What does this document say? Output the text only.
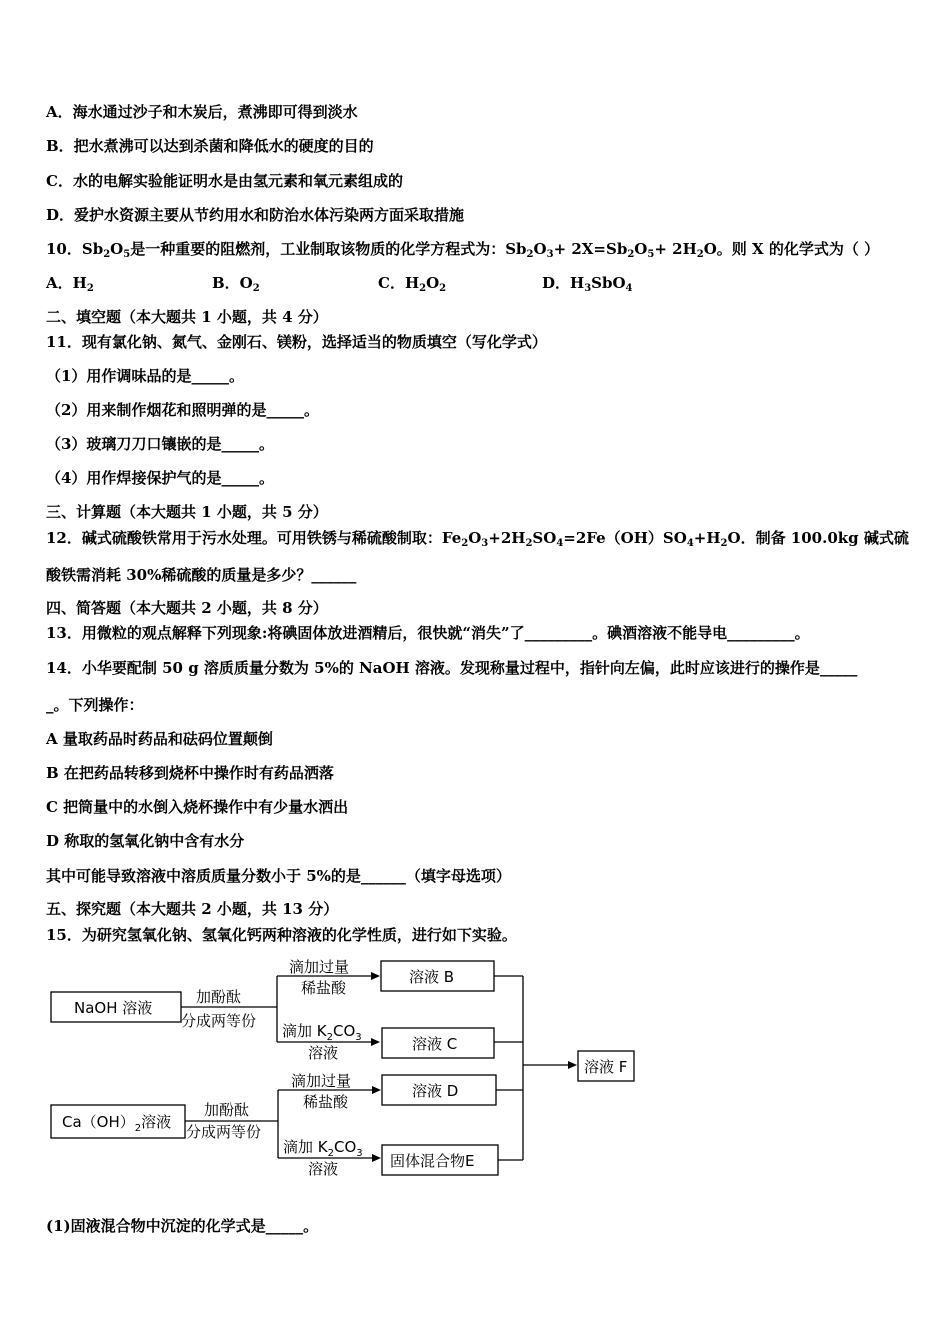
A．海水通过沙子和木炭后，煮沸即可得到淡水
B．把水煮沸可以达到杀菌和降低水的硬度的目的
C．水的电解实验能证明水是由氢元素和氧元素组成的
D．爱护水资源主要从节约用水和防治水体污染两方面采取措施
10．$Sb_2O_5$是一种重要的阻燃剂，工业制取该物质的化学方程式为：$Sb_2O_3+ 2X=Sb_2O_5+ 2H_2O$。则 X 的化学式为（ ）
A．$H_2$	B．$O_2$	C．$H_2O_2$	D．$H_3SbO_4$
二、填空题（本大题共 1 小题，共 4 分）
11．现有氯化钠、氮气、金刚石、镁粉，选择适当的物质填空（写化学式）
（1）用作调味品的是_____。
（2）用来制作烟花和照明弹的是_____。
（3）玻璃刀刀口镶嵌的是_____。
（4）用作焊接保护气的是_____。
三、计算题（本大题共 1 小题，共 5 分）
12．碱式硫酸铁常用于污水处理。可用铁锈与稀硫酸制取：$Fe_2O_3+2H_2SO_4=2Fe(OH)SO_4+H_2O$．制备 100.0kg 碱式硫
酸铁需消耗 30%稀硫酸的质量是多少？______
四、简答题（本大题共 2 小题，共 8 分）
13．用微粒的观点解释下列现象:将碘固体放进酒精后，很快就“消失”了_________。碘酒溶液不能导电_________。
14．小华要配制 50 g 溶质质量分数为 5%的 NaOH 溶液。发现称量过程中，指针向左偏，此时应该进行的操作是_____
_。下列操作：
A 量取药品时药品和砝码位置颠倒
B 在把药品转移到烧杯中操作时有药品洒落
C 把筒量中的水倒入烧杯操作中有少量水洒出
D 称取的氢氧化钠中含有水分
其中可能导致溶液中溶质质量分数小于 5%的是______（填字母选项）
五、探究题（本大题共 2 小题，共 13 分）
15．为研究氢氧化钠、氢氧化钙两种溶液的化学性质，进行如下实验。
NaOH 溶液
加酚酞
分成两等份
滴加过量
稀盐酸
滴加 $K_2CO_3$
溶液
溶液 B
溶液 C
$Ca(OH)_2$溶液
加酚酞
分成两等份
滴加过量
稀盐酸
滴加 $K_2CO_3$
溶液
溶液 D
固体混合物E
溶液 F
(1)固液混合物中沉淀的化学式是_____。
